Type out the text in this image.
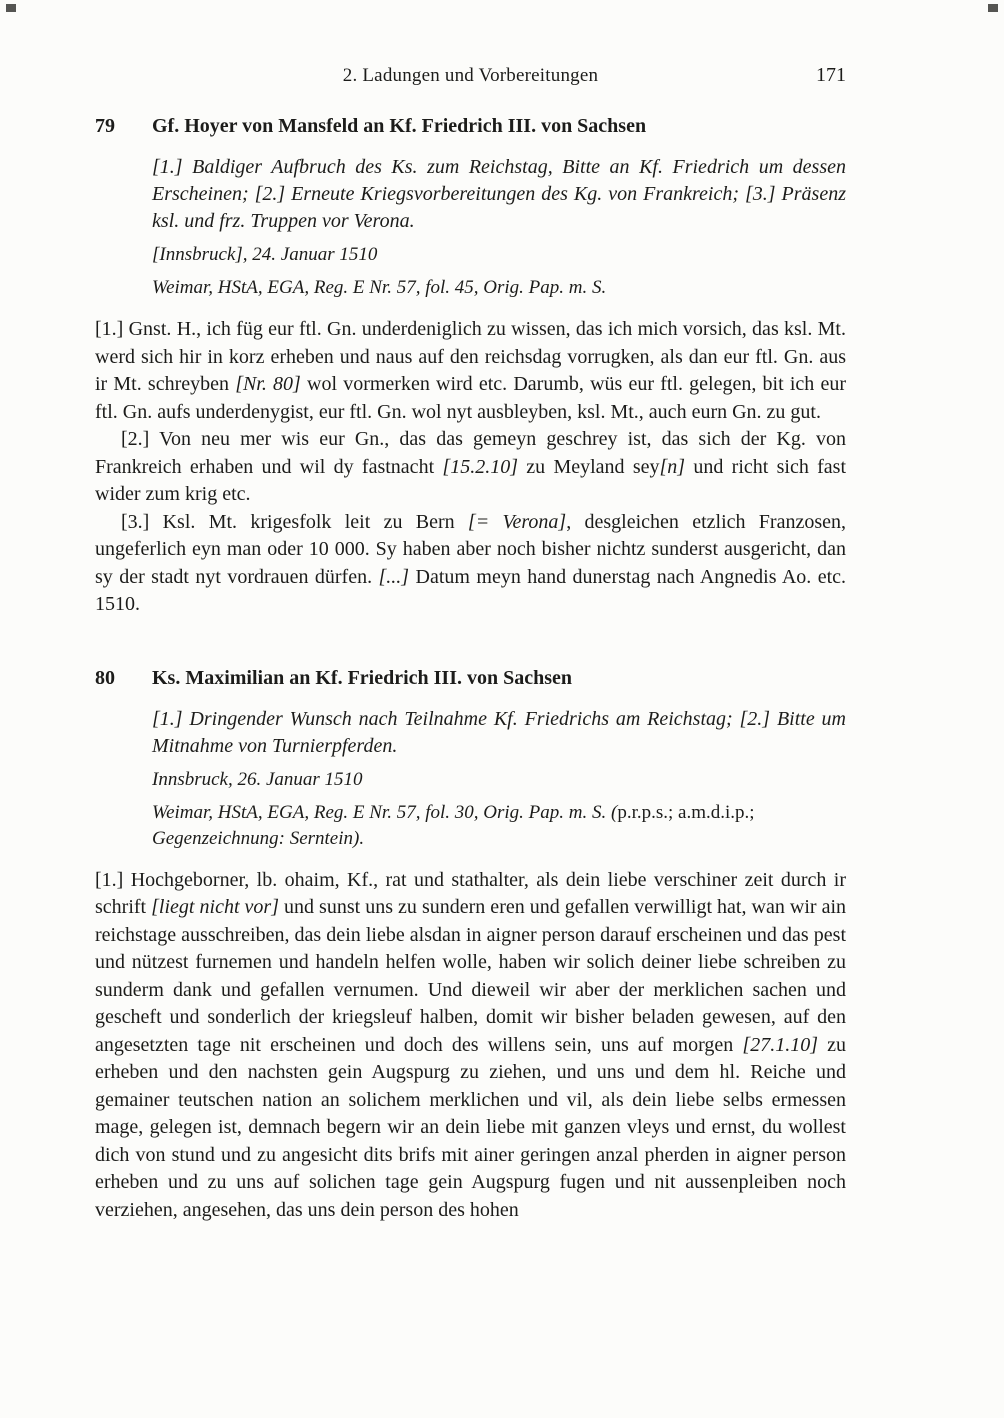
2. Ladungen und Vorbereitungen	171
79	Gf. Hoyer von Mansfeld an Kf. Friedrich III. von Sachsen

[1.] Baldiger Aufbruch des Ks. zum Reichstag, Bitte an Kf. Friedrich um dessen Erscheinen; [2.] Erneute Kriegsvorbereitungen des Kg. von Frankreich; [3.] Präsenz ksl. und frz. Truppen vor Verona.

[Innsbruck], 24. Januar 1510

Weimar, HStA, EGA, Reg. E Nr. 57, fol. 45, Orig. Pap. m. S.

[1.] Gnst. H., ich füg eur ftl. Gn. underdeniglich zu wissen, das ich mich vorsich, das ksl. Mt. werd sich hir in korz erheben und naus auf den reichsdag vorrugken, als dan eur ftl. Gn. aus ir Mt. schreyben [Nr. 80] wol vormerken wird etc. Darumb, wüs eur ftl. gelegen, bit ich eur ftl. Gn. aufs underdenygist, eur ftl. Gn. wol nyt ausbleyben, ksl. Mt., auch eurn Gn. zu gut.

[2.] Von neu mer wis eur Gn., das das gemeyn geschrey ist, das sich der Kg. von Frankreich erhaben und wil dy fastnacht [15.2.10] zu Meyland sey[n] und richt sich fast wider zum krig etc.

[3.] Ksl. Mt. krigesfolk leit zu Bern [= Verona], desgleichen etzlich Franzosen, ungeferlich eyn man oder 10 000. Sy haben aber noch bisher nichtz sunderst ausgericht, dan sy der stadt nyt vordrauen dürfen. [...] Datum meyn hand dunerstag nach Angnedis Ao. etc. 1510.

80	Ks. Maximilian an Kf. Friedrich III. von Sachsen

[1.] Dringender Wunsch nach Teilnahme Kf. Friedrichs am Reichstag; [2.] Bitte um Mitnahme von Turnierpferden.

Innsbruck, 26. Januar 1510

Weimar, HStA, EGA, Reg. E Nr. 57, fol. 30, Orig. Pap. m. S. (p.r.p.s.; a.m.d.i.p.; Gegenzeichnung: Serntein).

[1.] Hochgeborner, lb. ohaim, Kf., rat und stathalter, als dein liebe verschiner zeit durch ir schrift [liegt nicht vor] und sunst uns zu sundern eren und gefallen verwilligt hat, wan wir ain reichstage ausschreiben, das dein liebe alsdan in aigner person darauf erscheinen und das pest und nützest furnemen und handeln helfen wolle, haben wir solich deiner liebe schreiben zu sunderm dank und gefallen vernumen. Und dieweil wir aber der merklichen sachen und gescheft und sonderlich der kriegsleuf halben, domit wir bisher beladen gewesen, auf den angesetzten tage nit erscheinen und doch des willens sein, uns auf morgen [27.1.10] zu erheben und den nachsten gein Augspurg zu ziehen, und uns und dem hl. Reiche und gemainer teutschen nation an solichem merklichen und vil, als dein liebe selbs ermessen mage, gelegen ist, demnach begern wir an dein liebe mit ganzen vleys und ernst, du wollest dich von stund und zu angesicht dits brifs mit ainer geringen anzal pherden in aigner person erheben und zu uns auf solichen tage gein Augspurg fugen und nit aussenpleiben noch verziehen, angesehen, das uns dein person des hohen
